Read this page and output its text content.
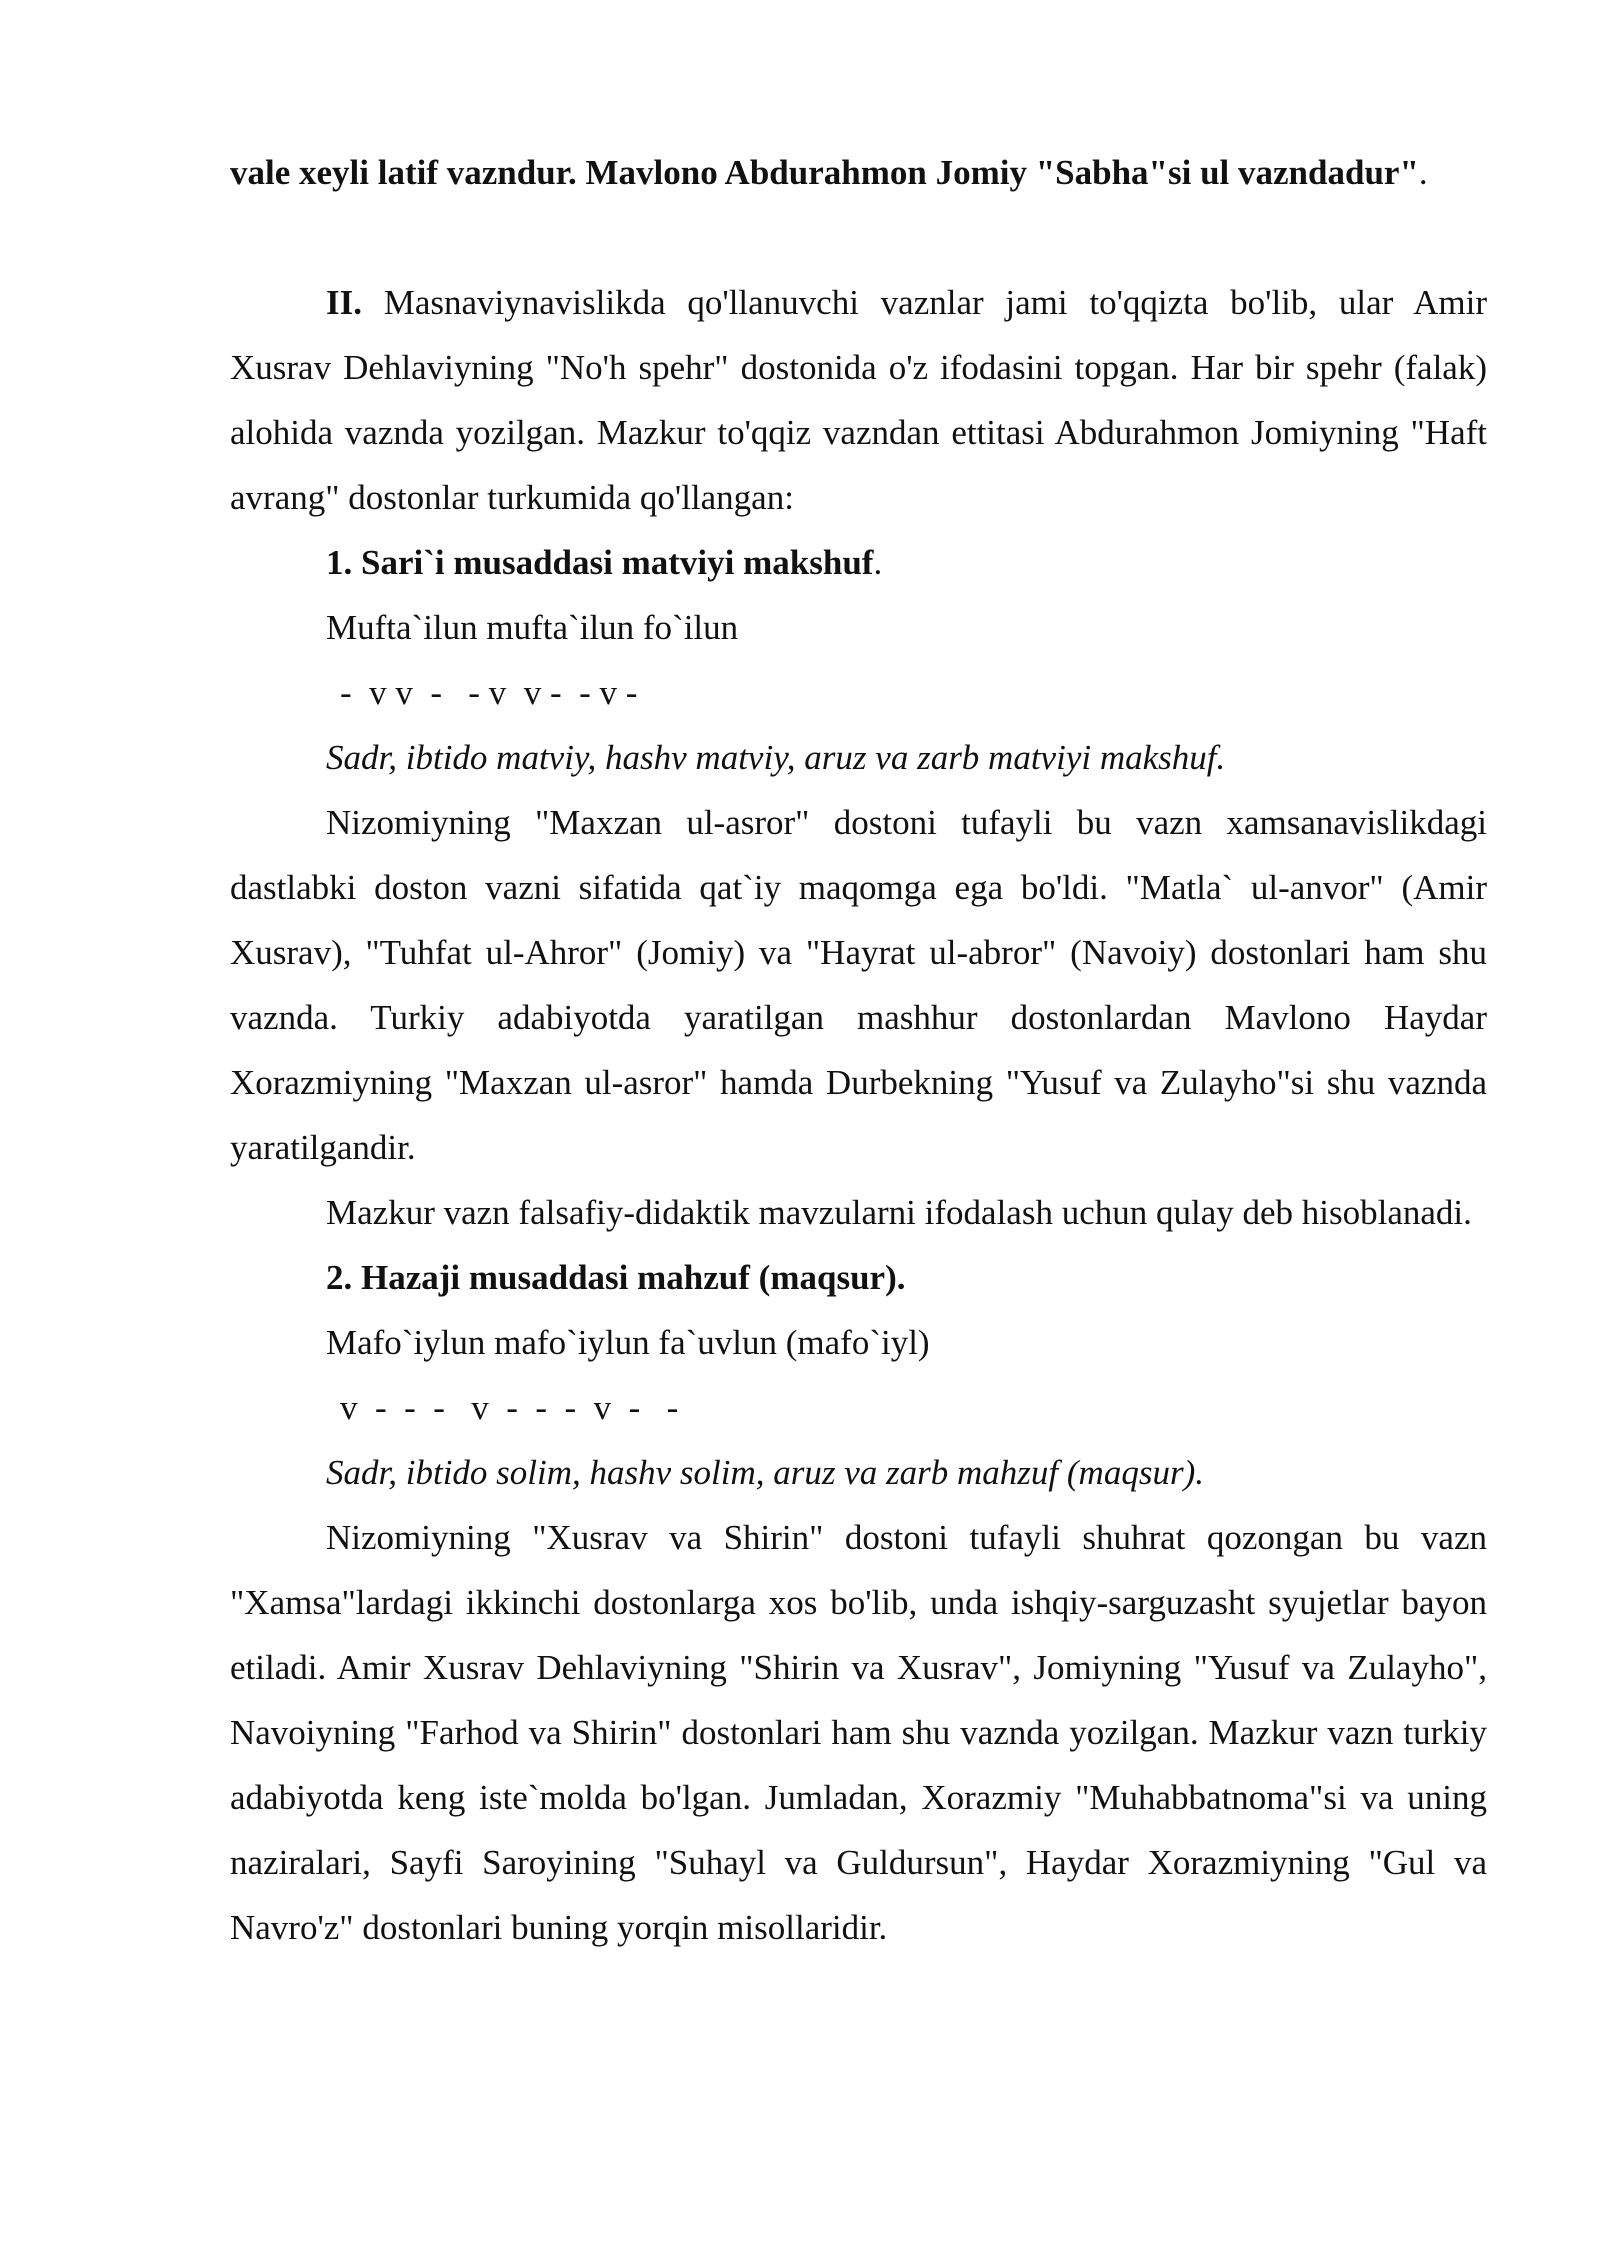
vale xeyli latif vazndur. Mavlono Abdurahmon Jomiy "Sabha"si ul vazndadur".

II. Masnaviynavislikda qo'llanuvchi vaznlar jami to'qqizta bo'lib, ular Amir Xusrav Dehlaviyning "No'h spehr" dostonida o'z ifodasini topgan. Har bir spehr (falak) alohida vaznda yozilgan. Mazkur to'qqiz vazndan ettitasi Abdurahmon Jomiyning "Haft avrang" dostonlar turkumida qo'llangan:

1. Sari`i musaddasi matviyi makshuf.

Mufta`ilun mufta`ilun fo`ilun

-  v v  -   - v  v -  - v -

Sadr, ibtido matviy, hashv matviy, aruz va zarb matviyi makshuf.

Nizomiyning "Maxzan ul-asror" dostoni tufayli bu vazn xamsanavislikdagi dastlabki doston vazni sifatida qat`iy maqomga ega bo'ldi. "Matla` ul-anvor" (Amir Xusrav), "Tuhfat ul-Ahror" (Jomiy) va "Hayrat ul-abror" (Navoiy) dostonlari ham shu vaznda. Turkiy adabiyotda yaratilgan mashhur dostonlardan Mavlono Haydar Xorazmiyning "Maxzan ul-asror" hamda Durbekning "Yusuf va Zulayho"si shu vaznda yaratilgandir.

Mazkur vazn falsafiy-didaktik mavzularni ifodalash uchun qulay deb hisoblanadi.

2. Hazaji musaddasi mahzuf (maqsur).

Mafo`iylun mafo`iylun fa`uvlun (mafo`iyl)

v  -  -  -   v  -  -  -  v  -   -

Sadr, ibtido solim, hashv solim, aruz va zarb mahzuf (maqsur).

Nizomiyning "Xusrav va Shirin" dostoni tufayli shuhrat qozongan bu vazn "Xamsa"lardagi ikkinchi dostonlarga xos bo'lib, unda ishqiy-sarguzasht syujetlar bayon etiladi. Amir Xusrav Dehlaviyning "Shirin va Xusrav", Jomiyning "Yusuf va Zulayho", Navoiyning "Farhod va Shirin" dostonlari ham shu vaznda yozilgan. Mazkur vazn turkiy adabiyotda keng iste`molda bo'lgan. Jumladan, Xorazmiy "Muhabbatnoma"si va uning naziralari, Sayfi Saroyining "Suhayl va Guldursun", Haydar Xorazmiyning "Gul va Navro'z" dostonlari buning yorqin misollaridir.
